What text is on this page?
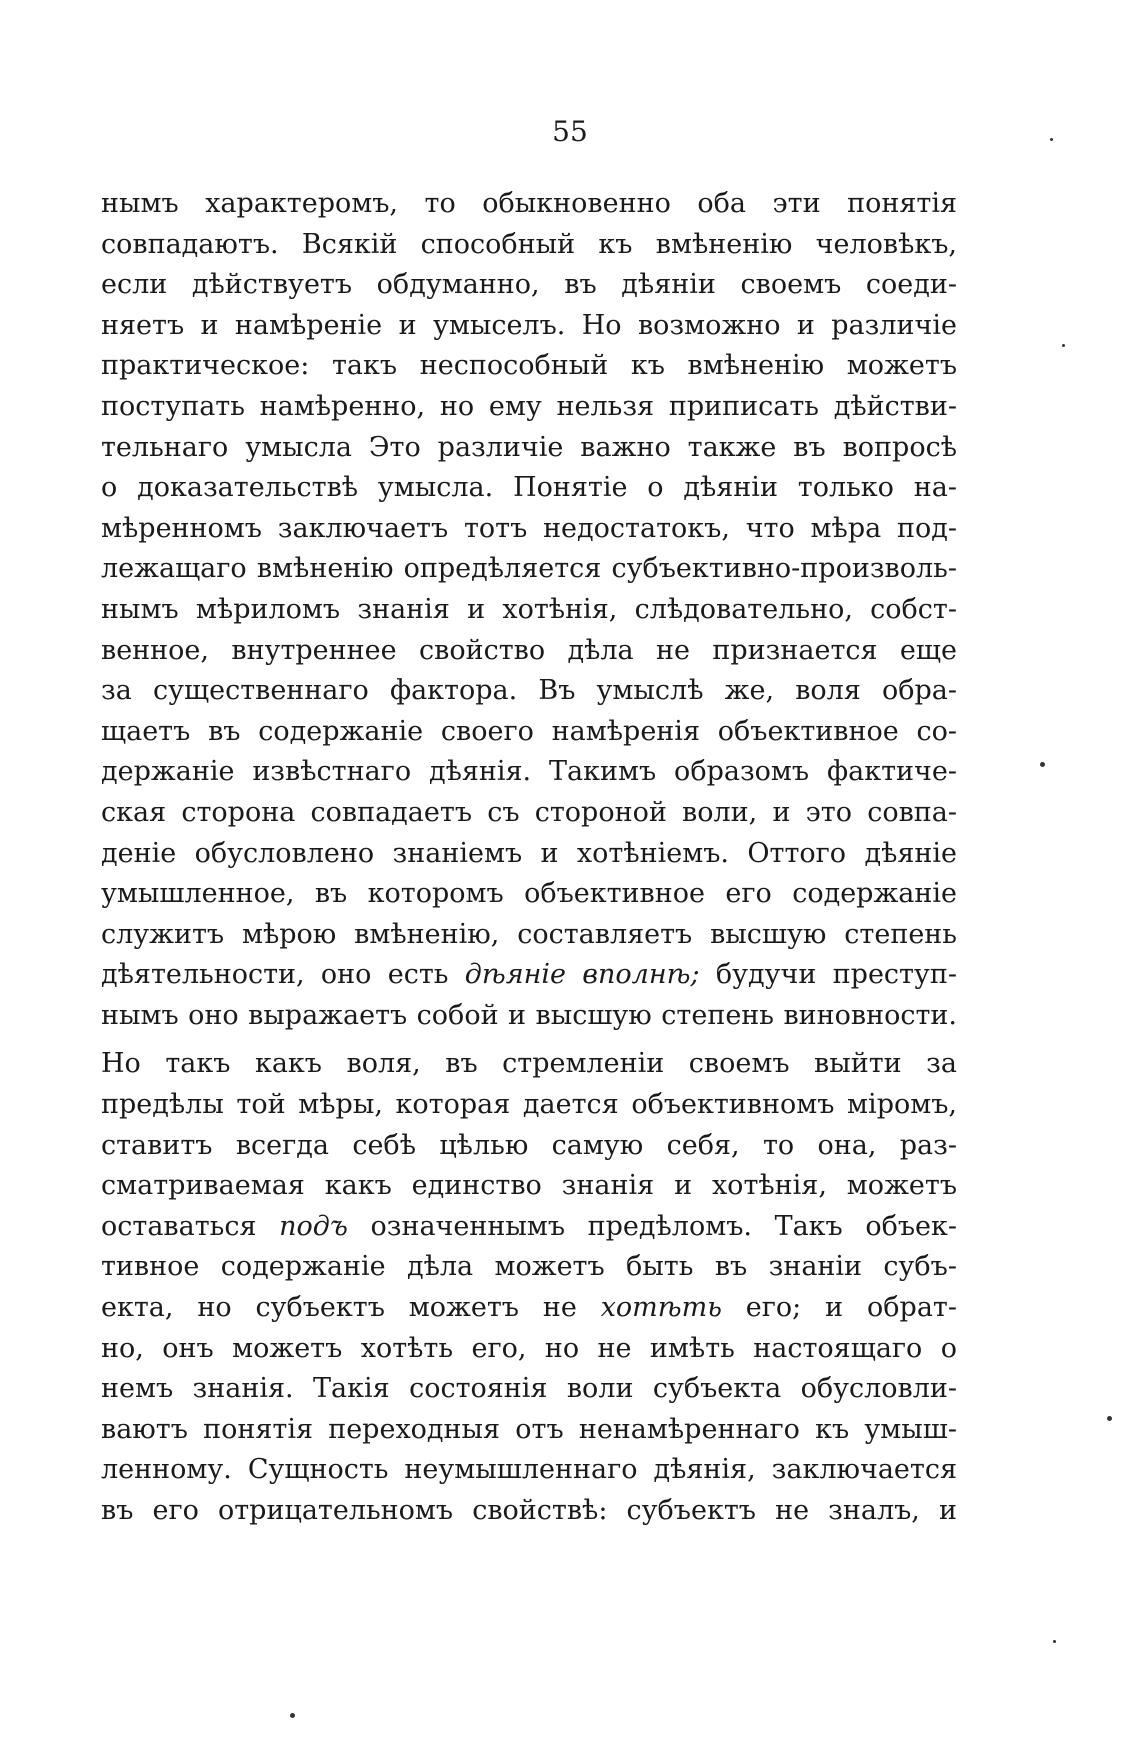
55
нымъ характеромъ, то обыкновенно оба эти понятія
совпадаютъ. Всякій способный къ вмѣненію человѣкъ,
если дѣйствуетъ обдуманно, въ дѣяніи своемъ соеди-
няетъ и намѣреніе и умыселъ. Но возможно и различіе
практическое: такъ неспособный къ вмѣненію можетъ
поступать намѣренно, но ему нельзя приписать дѣйстви-
тельнаго умысла Это различіе важно также въ вопросѣ
о доказательствѣ умысла. Понятіе о дѣяніи только на-
мѣренномъ заключаетъ тотъ недостатокъ, что мѣра под-
лежащаго вмѣненію опредѣляется субъективно-произволь-
нымъ мѣриломъ знанія и хотѣнія, слѣдовательно, собст-
венное, внутреннее свойство дѣла не признается еще
за существеннаго фактора. Въ умыслѣ же, воля обра-
щаетъ въ содержаніе своего намѣренія объективное со-
держаніе извѣстнаго дѣянія. Такимъ образомъ фактиче-
ская сторона совпадаетъ съ стороной воли, и это совпа-
деніе обусловлено знаніемъ и хотѣніемъ. Оттого дѣяніе
умышленное, въ которомъ объективное его содержаніе
служитъ мѣрою вмѣненію, составляетъ высшую степень
дѣятельности, оно есть дѣяніе вполнѣ; будучи преступ-
нымъ оно выражаетъ собой и высшую степень виновности.
Но такъ какъ воля, въ стремленіи своемъ выйти за
предѣлы той мѣры, которая дается объективномъ міромъ,
ставитъ всегда себѣ цѣлью самую себя, то она, раз-
сматриваемая какъ единство знанія и хотѣнія, можетъ
оставаться подъ означеннымъ предѣломъ. Такъ объек-
тивное содержаніе дѣла можетъ быть въ знаніи субъ-
екта, но субъектъ можетъ не хотѣть его; и обрат-
но, онъ можетъ хотѣть его, но не имѣть настоящаго о
немъ знанія. Такія состоянія воли субъекта обусловли-
ваютъ понятія переходныя отъ ненамѣреннаго къ умыш-
ленному. Сущность неумышленнаго дѣянія, заключается
въ его отрицательномъ свойствѣ: субъектъ не зналъ, и
